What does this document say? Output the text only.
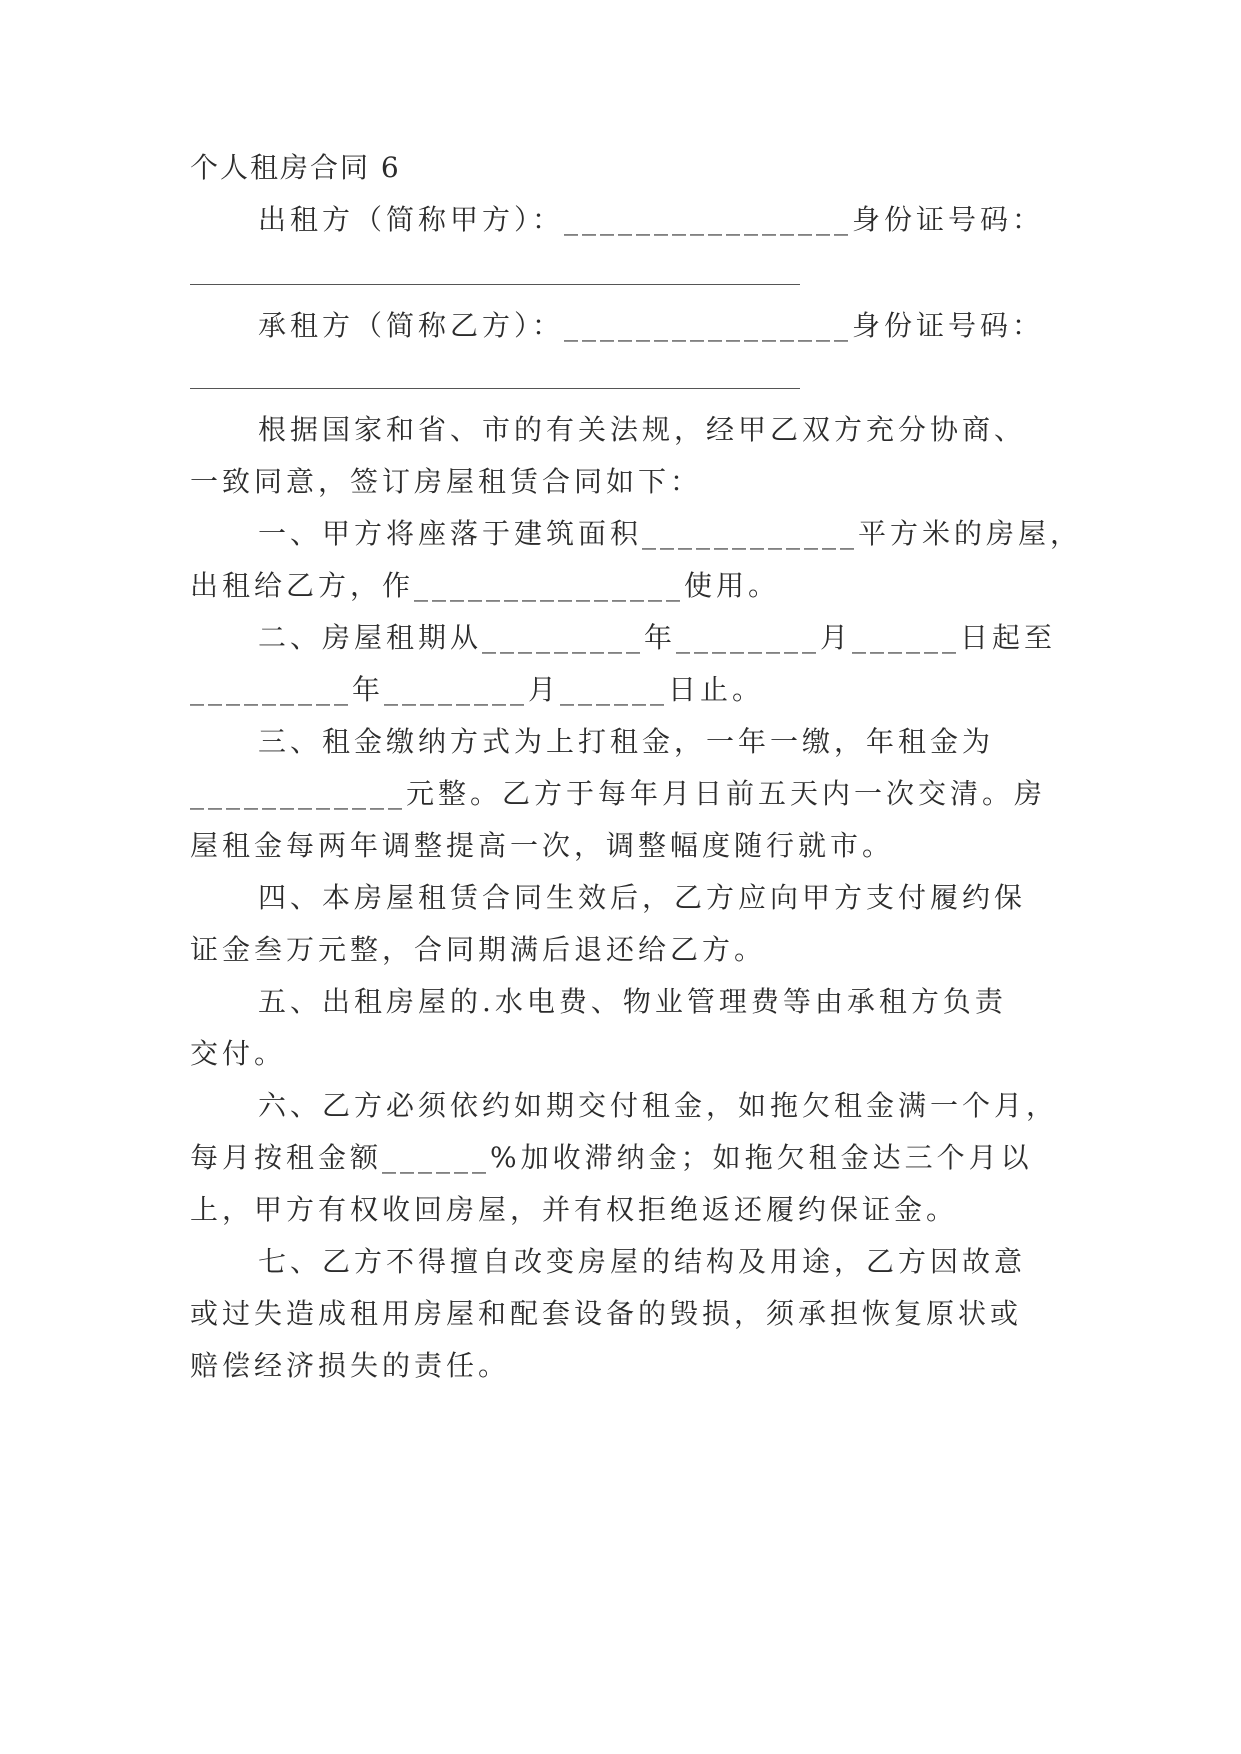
个人租房合同 6
出租方（简称甲方）：________________身份证号码：
承租方（简称乙方）：________________身份证号码：
根据国家和省、市的有关法规，经甲乙双方充分协商、
一致同意，签订房屋租赁合同如下：
一、甲方将座落于建筑面积____________平方米的房屋，
出租给乙方，作_______________使用。
二、房屋租期从_________年________月______日起至
_________年________月______日止。
三、租金缴纳方式为上打租金，一年一缴，年租金为
____________元整。乙方于每年月日前五天内一次交清。房
屋租金每两年调整提高一次，调整幅度随行就市。
四、本房屋租赁合同生效后，乙方应向甲方支付履约保
证金叁万元整，合同期满后退还给乙方。
五、出租房屋的.水电费、物业管理费等由承租方负责
交付。
六、乙方必须依约如期交付租金，如拖欠租金满一个月，
每月按租金额______%加收滞纳金；如拖欠租金达三个月以
上，甲方有权收回房屋，并有权拒绝返还履约保证金。
七、乙方不得擅自改变房屋的结构及用途，乙方因故意
或过失造成租用房屋和配套设备的毁损，须承担恢复原状或
赔偿经济损失的责任。
